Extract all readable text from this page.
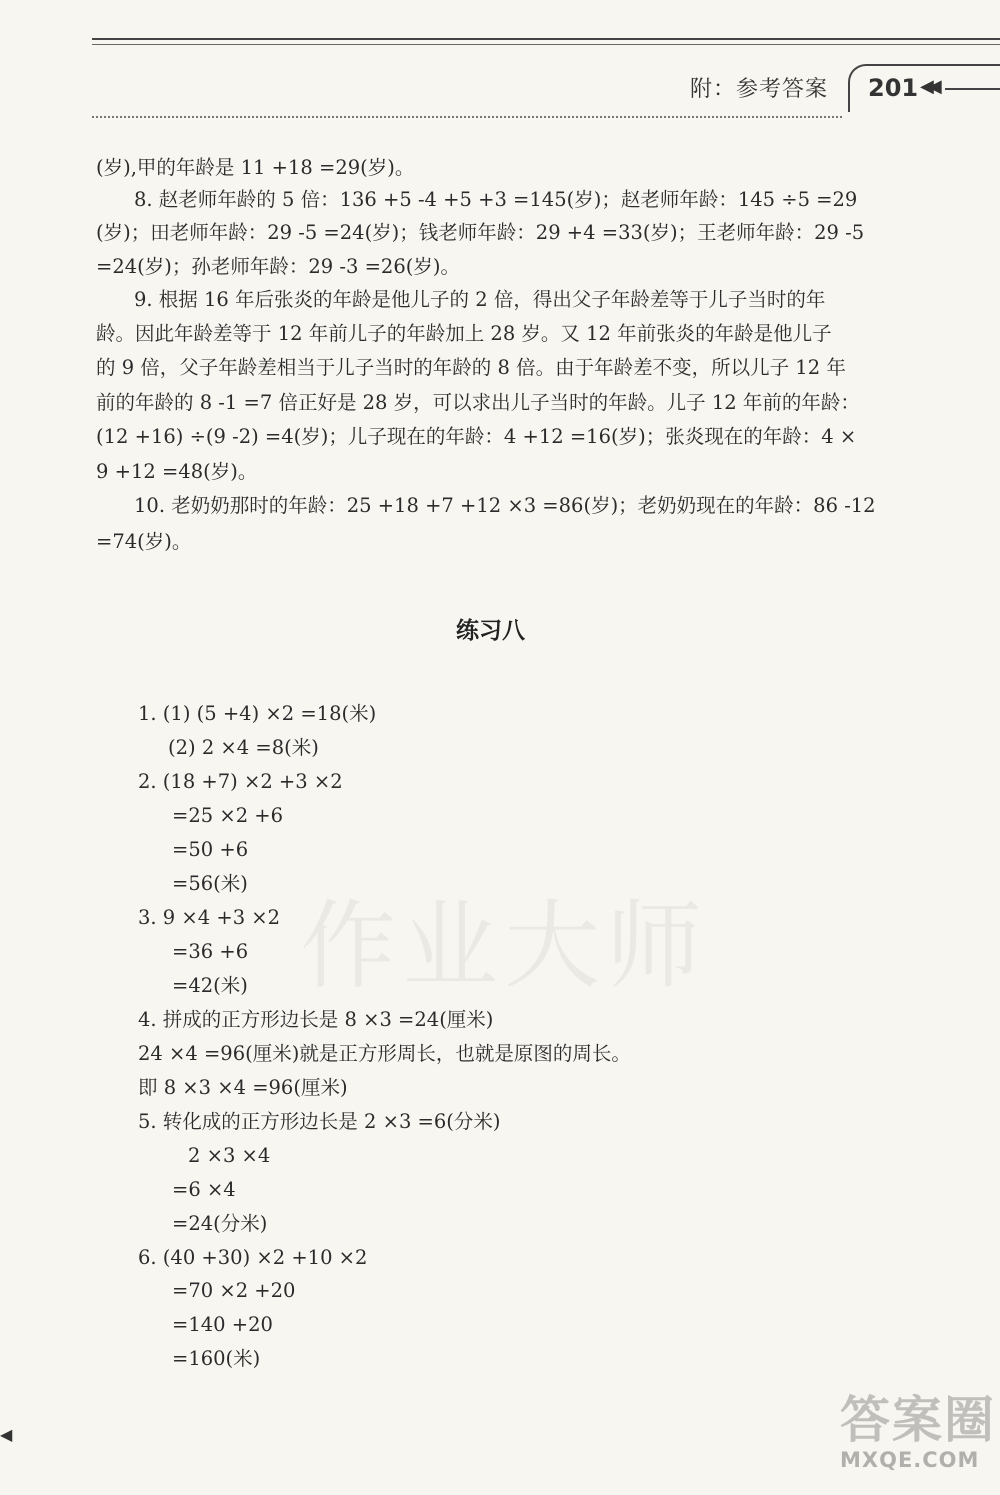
附：参考答案 201 ◀◀
作业大师
(岁),甲的年龄是 11 +18 =29(岁)。
8. 赵老师年龄的 5 倍：136 +5 -4 +5 +3 =145(岁)；赵老师年龄：145 ÷5 =29
(岁)；田老师年龄：29 -5 =24(岁)；钱老师年龄：29 +4 =33(岁)；王老师年龄：29 -5
=24(岁)；孙老师年龄：29 -3 =26(岁)。
9. 根据 16 年后张炎的年龄是他儿子的 2 倍，得出父子年龄差等于儿子当时的年
龄。因此年龄差等于 12 年前儿子的年龄加上 28 岁。又 12 年前张炎的年龄是他儿子
的 9 倍，父子年龄差相当于儿子当时的年龄的 8 倍。由于年龄差不变，所以儿子 12 年
前的年龄的 8 -1 =7 倍正好是 28 岁，可以求出儿子当时的年龄。儿子 12 年前的年龄：
(12 +16) ÷(9 -2) =4(岁)；儿子现在的年龄：4 +12 =16(岁)；张炎现在的年龄：4 ×
9 +12 =48(岁)。
10. 老奶奶那时的年龄：25 +18 +7 +12 ×3 =86(岁)；老奶奶现在的年龄：86 -12
=74(岁)。
练习八
1. (1) (5 +4) ×2 =18(米)
(2) 2 ×4 =8(米)
2. (18 +7) ×2 +3 ×2
=25 ×2 +6
=50 +6
=56(米)
3. 9 ×4 +3 ×2
=36 +6
=42(米)
4. 拼成的正方形边长是 8 ×3 =24(厘米)
24 ×4 =96(厘米)就是正方形周长，也就是原图的周长。
即 8 ×3 ×4 =96(厘米)
5. 转化成的正方形边长是 2 ×3 =6(分米)
2 ×3 ×4
=6 ×4
=24(分米)
6. (40 +30) ×2 +10 ×2
=70 ×2 +20
=140 +20
=160(米)
◀	答案圈
MXQE.COM
